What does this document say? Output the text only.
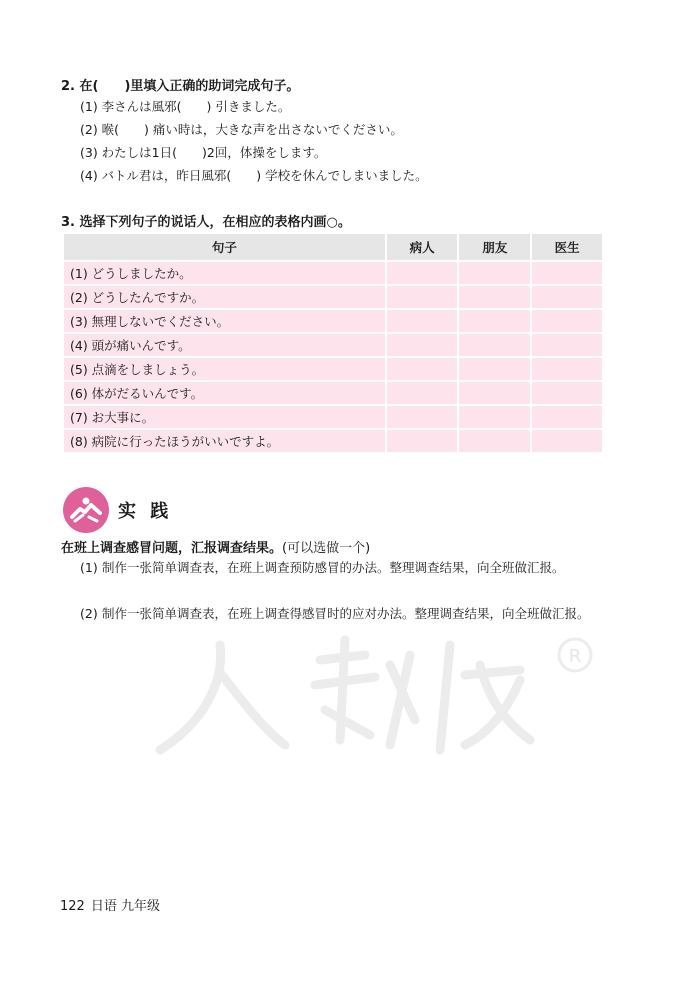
2. 在(　　)里填入正确的助词完成句子。
(1) 李さんは風邪(　　) 引きました。
(2) 喉(　　) 痛い時は，大きな声を出さないでください。
(3) わたしは1日(　　)2回，体操をします。
(4) バトル君は，昨日風邪(　　) 学校を休んでしまいました。
3. 选择下列句子的说话人，在相应的表格内画○。
句子	病人	朋友	医生
(1) どうしましたか。			
(2) どうしたんですか。			
(3) 無理しないでください。			
(4) 頭が痛いんです。			
(5) 点滴をしましょう。			
(6) 体がだるいんです。			
(7) お大事に。			
(8) 病院に行ったほうがいいですよ。			
实 践
在班上调查感冒问题，汇报调查结果。(可以选做一个)
(1) 制作一张简单调查表，在班上调查预防感冒的办法。整理调查结果，向全班做汇报。
(2) 制作一张简单调查表，在班上调查得感冒时的应对办法。整理调查结果，向全班做汇报。
R
122 日语 九年级
